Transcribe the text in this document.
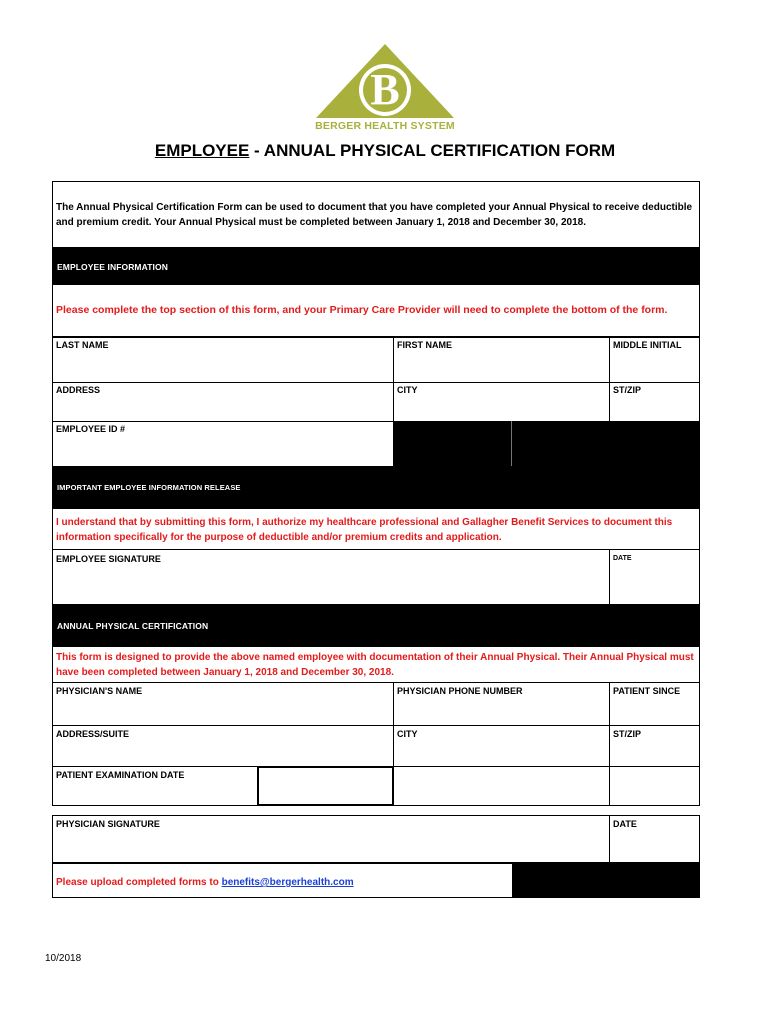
B
BERGER HEALTH SYSTEM
EMPLOYEE - ANNUAL PHYSICAL CERTIFICATION FORM
The Annual Physical Certification Form can be used to document that you have completed your Annual Physical to receive deductible and premium credit. Your Annual Physical must be completed between January 1, 2018 and December 30, 2018.
EMPLOYEE INFORMATION
Please complete the top section of this form, and your Primary Care Provider will need to complete the bottom of the form.
LAST NAME	FIRST NAME	MIDDLE INITIAL
ADDRESS	CITY	ST/ZIP
EMPLOYEE ID #
IMPORTANT EMPLOYEE INFORMATION RELEASE
I understand that by submitting this form, I authorize my healthcare professional and Gallagher Benefit Services to document this information specifically for the purpose of deductible and/or premium credits and application.
EMPLOYEE SIGNATURE	DATE
ANNUAL PHYSICAL CERTIFICATION
This form is designed to provide the above named employee with documentation of their Annual Physical. Their Annual Physical must have been completed between January 1, 2018 and December 30, 2018.
PHYSICIAN'S NAME	PHYSICIAN PHONE NUMBER	PATIENT SINCE
ADDRESS/SUITE	CITY	ST/ZIP
PATIENT EXAMINATION DATE
PHYSICIAN SIGNATURE	DATE
Please upload completed forms to benefits@bergerhealth.com
10/2018
